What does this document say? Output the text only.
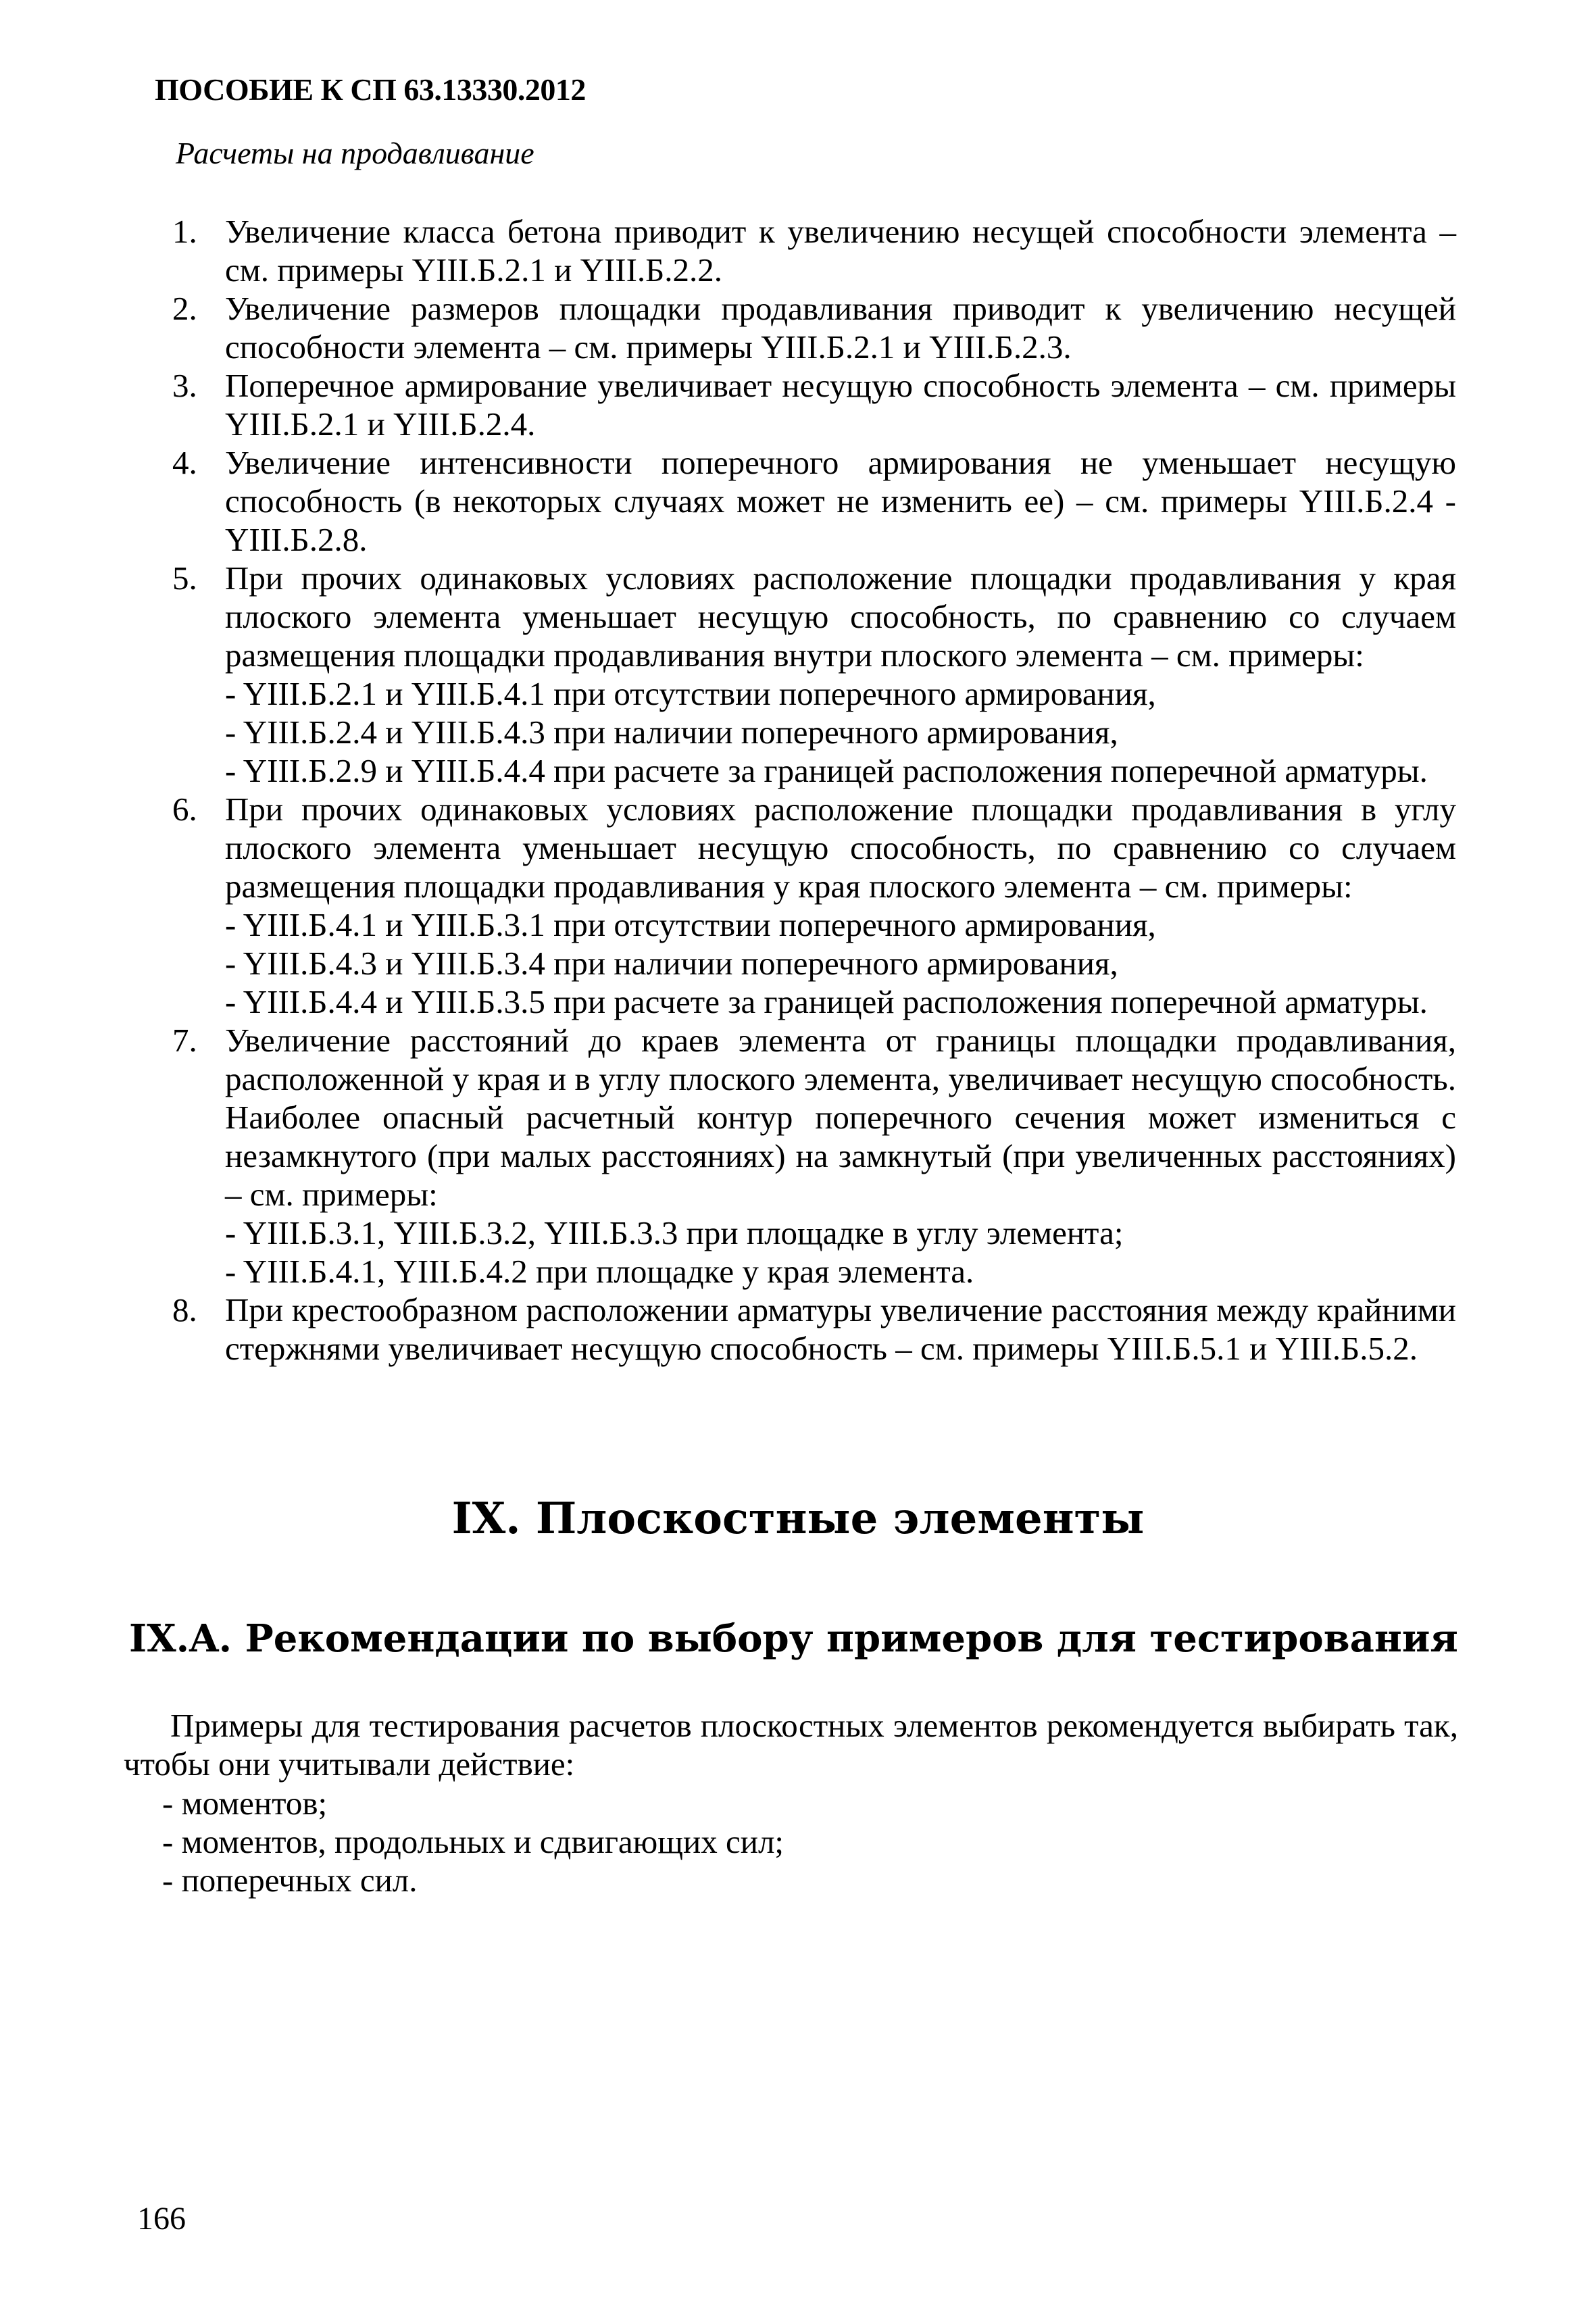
ПОСОБИЕ К СП 63.13330.2012
Расчеты на продавливание
1. Увеличение класса бетона приводит к увеличению несущей способности элемента – см. примеры YIII.Б.2.1 и YIII.Б.2.2.
2. Увеличение размеров площадки продавливания приводит к увеличению несущей способности элемента – см. примеры YIII.Б.2.1 и YIII.Б.2.3.
3. Поперечное армирование увеличивает несущую способность элемента – см. примеры YIII.Б.2.1 и YIII.Б.2.4.
4. Увеличение интенсивности поперечного армирования не уменьшает несущую способность (в некоторых случаях может не изменить ее) – см. примеры YIII.Б.2.4 - YIII.Б.2.8.
5. При прочих одинаковых условиях расположение площадки продавливания у края плоского элемента уменьшает несущую способность, по сравнению со случаем размещения площадки продавливания внутри плоского элемента – см. примеры:
- YIII.Б.2.1 и YIII.Б.4.1 при отсутствии поперечного армирования,
- YIII.Б.2.4 и YIII.Б.4.3 при наличии поперечного армирования,
- YIII.Б.2.9 и YIII.Б.4.4 при расчете за границей расположения поперечной арматуры.
6. При прочих одинаковых условиях расположение площадки продавливания в углу плоского элемента уменьшает несущую способность, по сравнению со случаем размещения площадки продавливания у края плоского элемента – см. примеры:
- YIII.Б.4.1 и YIII.Б.3.1 при отсутствии поперечного армирования,
- YIII.Б.4.3 и YIII.Б.3.4 при наличии поперечного армирования,
- YIII.Б.4.4 и YIII.Б.3.5 при расчете за границей расположения поперечной арматуры.
7. Увеличение расстояний до краев элемента от границы площадки продавливания, расположенной у края и в углу плоского элемента, увеличивает несущую способность. Наиболее опасный расчетный контур поперечного сечения может измениться с незамкнутого (при малых расстояниях) на замкнутый (при увеличенных расстояниях) – см. примеры:
- YIII.Б.3.1, YIII.Б.3.2, YIII.Б.3.3 при площадке в углу элемента;
- YIII.Б.4.1, YIII.Б.4.2 при площадке у края элемента.
8. При крестообразном расположении арматуры увеличение расстояния между крайними стержнями увеличивает несущую способность – см. примеры YIII.Б.5.1 и YIII.Б.5.2.
IX. Плоскостные элементы
IX.A. Рекомендации по выбору примеров для тестирования

Примеры для тестирования расчетов плоскостных элементов рекомендуется выбирать так, чтобы они учитывали действие:

- моментов;
- моментов, продольных и сдвигающих сил;
- поперечных сил.
166
